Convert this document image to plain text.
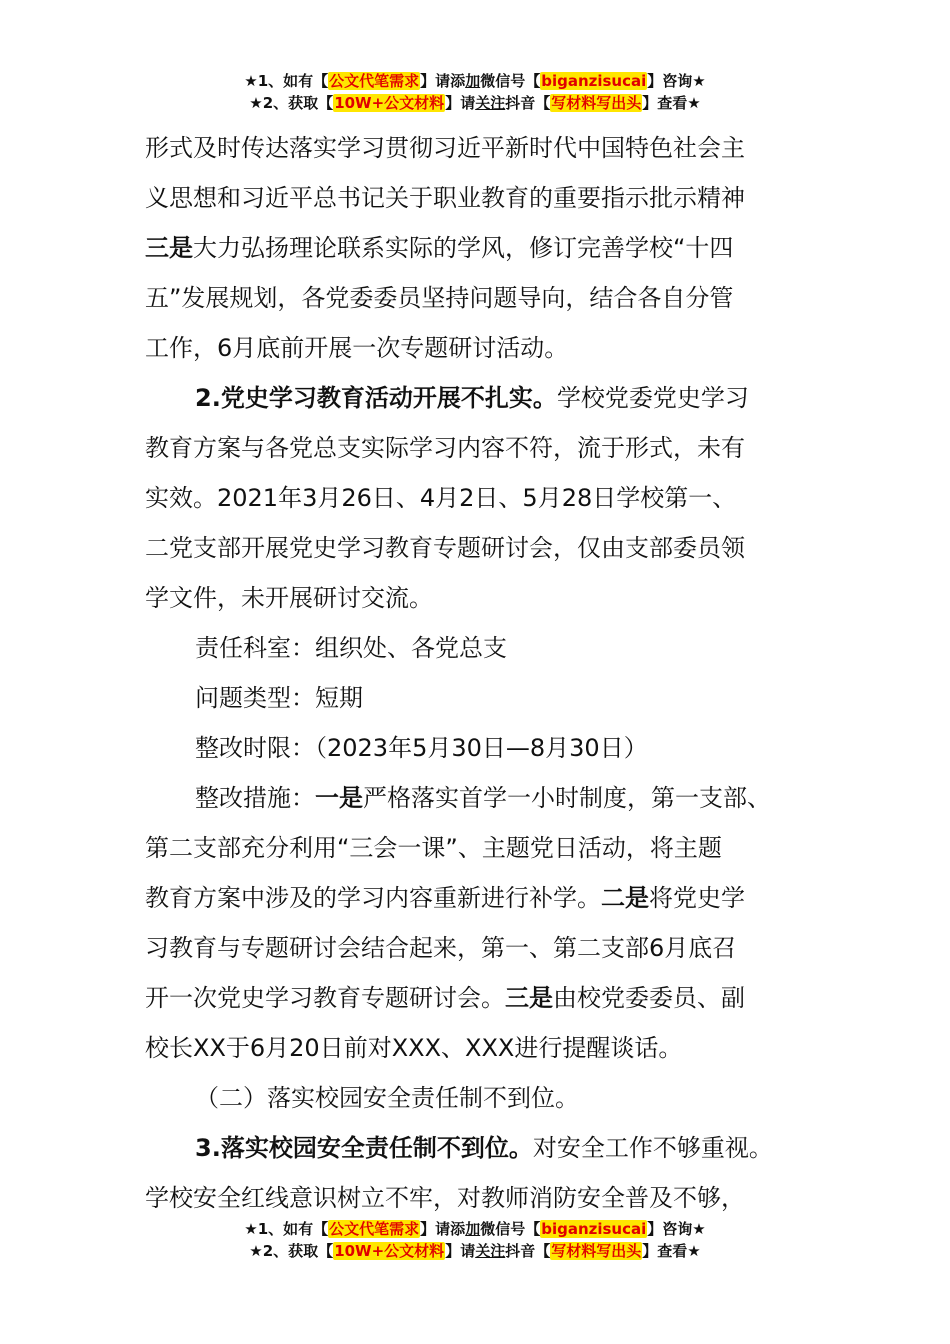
★1、如有【公文代笔需求】请添加微信号【biganzisucai】咨询★
★2、获取【10W+公文材料】请关注抖音【写材料写出头】查看★
形式及时传达落实学习贯彻习近平新时代中国特色社会主
义思想和习近平总书记关于职业教育的重要指示批示精神
三是大力弘扬理论联系实际的学风，修订完善学校“十四
五”发展规划，各党委委员坚持问题导向，结合各自分管
工作，6月底前开展一次专题研讨活动。
2.党史学习教育活动开展不扎实。学校党委党史学习
教育方案与各党总支实际学习内容不符，流于形式，未有
实效。2021年3月26日、4月2日、5月28日学校第一、
二党支部开展党史学习教育专题研讨会，仅由支部委员领
学文件，未开展研讨交流。
责任科室：组织处、各党总支
问题类型：短期
整改时限：（2023年5月30日—8月30日）
整改措施：一是严格落实首学一小时制度，第一支部、
第二支部充分利用“三会一课”、主题党日活动，将主题
教育方案中涉及的学习内容重新进行补学。二是将党史学
习教育与专题研讨会结合起来，第一、第二支部6月底召
开一次党史学习教育专题研讨会。三是由校党委委员、副
校长XX于6月20日前对XXX、XXX进行提醒谈话。
（二）落实校园安全责任制不到位。
3.落实校园安全责任制不到位。对安全工作不够重视。
学校安全红线意识树立不牢，对教师消防安全普及不够，
★1、如有【公文代笔需求】请添加微信号【biganzisucai】咨询★
★2、获取【10W+公文材料】请关注抖音【写材料写出头】查看★
